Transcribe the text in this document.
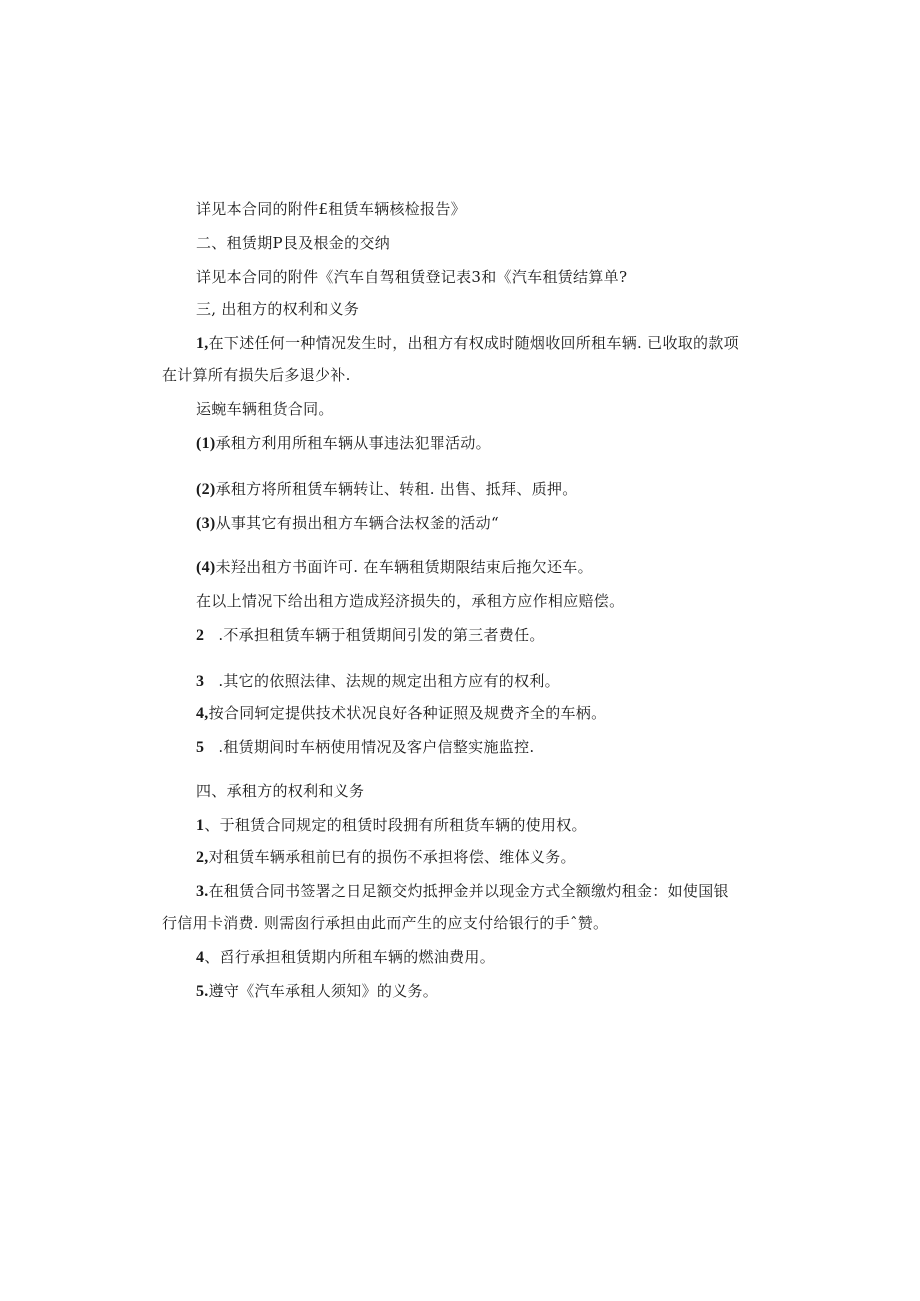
详见本合同的附件£租赁车辆核检报告》
二、租赁期P艮及根金的交纳
详见本合同的附件《汽车自驾租赁登记表3和《汽车租赁结算单?
三, 出租方的权利和义务
1,在下述任何一种情况发生时，出租方有权成时随烟收回所租车辆. 已收取的款项
在计算所有损失后多退少补.
运蜿车辆租货合同。
(1)承租方利用所租车辆从事违法犯罪活动。
(2)承租方将所租赁车辆转让、转租. 出售、抵拜、质押。
(3)从事其它有损出租方车辆合法权釜的活动“
(4)未羟出租方书面许可. 在车辆租赁期限结束后拖欠还车。
在以上情况下给出租方造成羟济损失的，承租方应作相应赔偿。
2 .不承担租赁车辆于租赁期间引发的第三者费任。
3 .其它的依照法律、法规的规定出租方应有的权利。
4,按合同轲定提供技术状况良好各种证照及规费齐全的车柄。
5 .租赁期间时车柄使用情况及客户信整实施监控.
四、承租方的权利和义务
1、于租赁合同规定的租赁时段拥有所租货车辆的使用权。
2,对租赁车辆承租前巳有的损伤不承担将偿、维体义务。
3.在租赁合同书签署之日足额交灼抵押金并以现金方式全额缴灼租金：如使国银
行信用卡消费. 则需囱行承担由此而产生的应支付给银行的手ˆ赞。
4、舀行承担租赁期内所租车辆的燃油费用。
5.遵守《汽车承租人须知》的义务。
